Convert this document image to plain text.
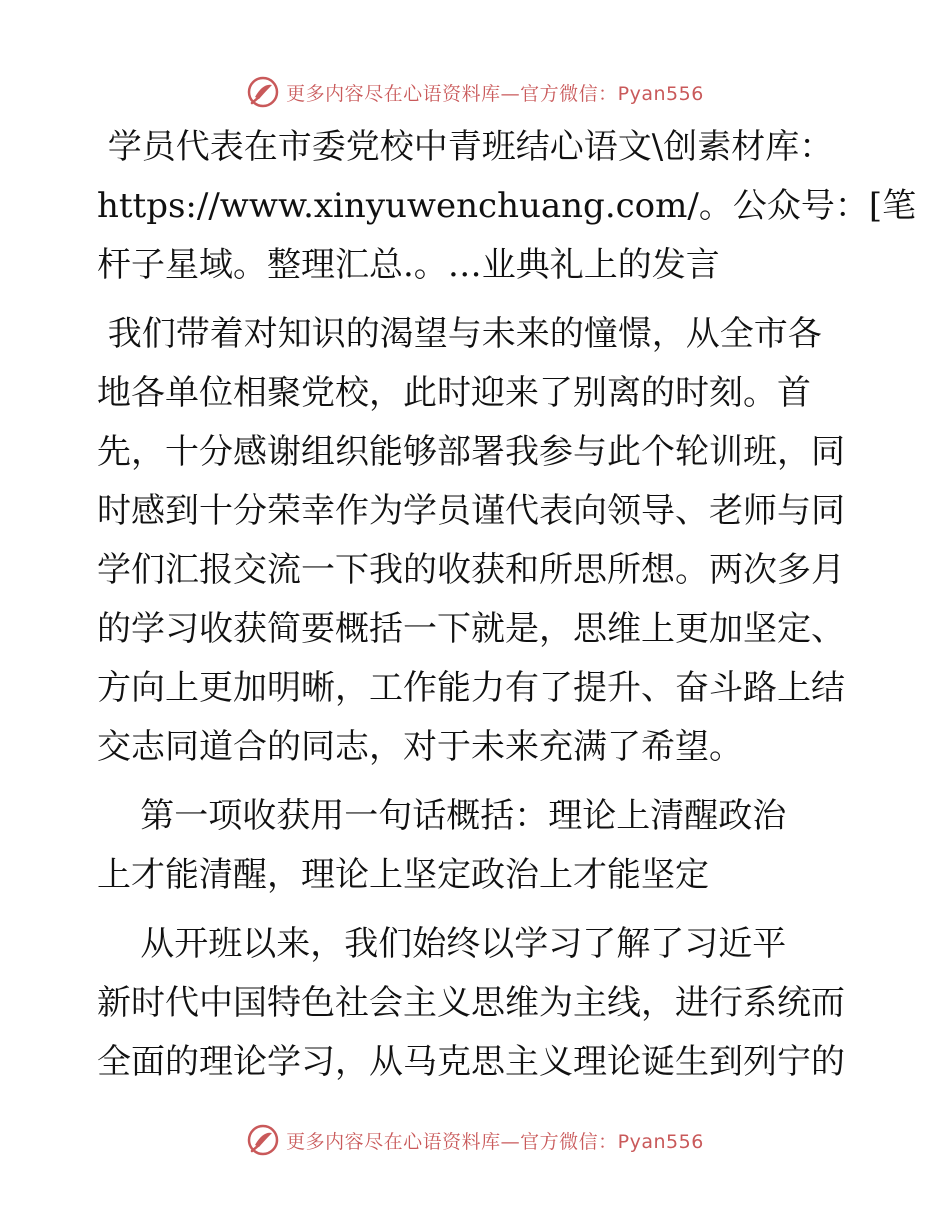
更多内容尽在心语资料库—官方微信：Pyan556
学员代表在市委党校中青班结心语文\创素材库：
https://www.xinyuwenchuang.com/。公众号：[笔
杆子星域。整理汇总.。…业典礼上的发言
我们带着对知识的渴望与未来的憧憬，从全市各
地各单位相聚党校，此时迎来了别离的时刻。首
先，十分感谢组织能够部署我参与此个轮训班，同
时感到十分荣幸作为学员谨代表向领导、老师与同
学们汇报交流一下我的收获和所思所想。两次多月
的学习收获简要概括一下就是，思维上更加坚定、
方向上更加明晰，工作能力有了提升、奋斗路上结
交志同道合的同志，对于未来充满了希望。
第一项收获用一句话概括：理论上清醒政治
上才能清醒，理论上坚定政治上才能坚定
从开班以来，我们始终以学习了解了习近平
新时代中国特色社会主义思维为主线，进行系统而
全面的理论学习，从马克思主义理论诞生到列宁的
更多内容尽在心语资料库—官方微信：Pyan556
